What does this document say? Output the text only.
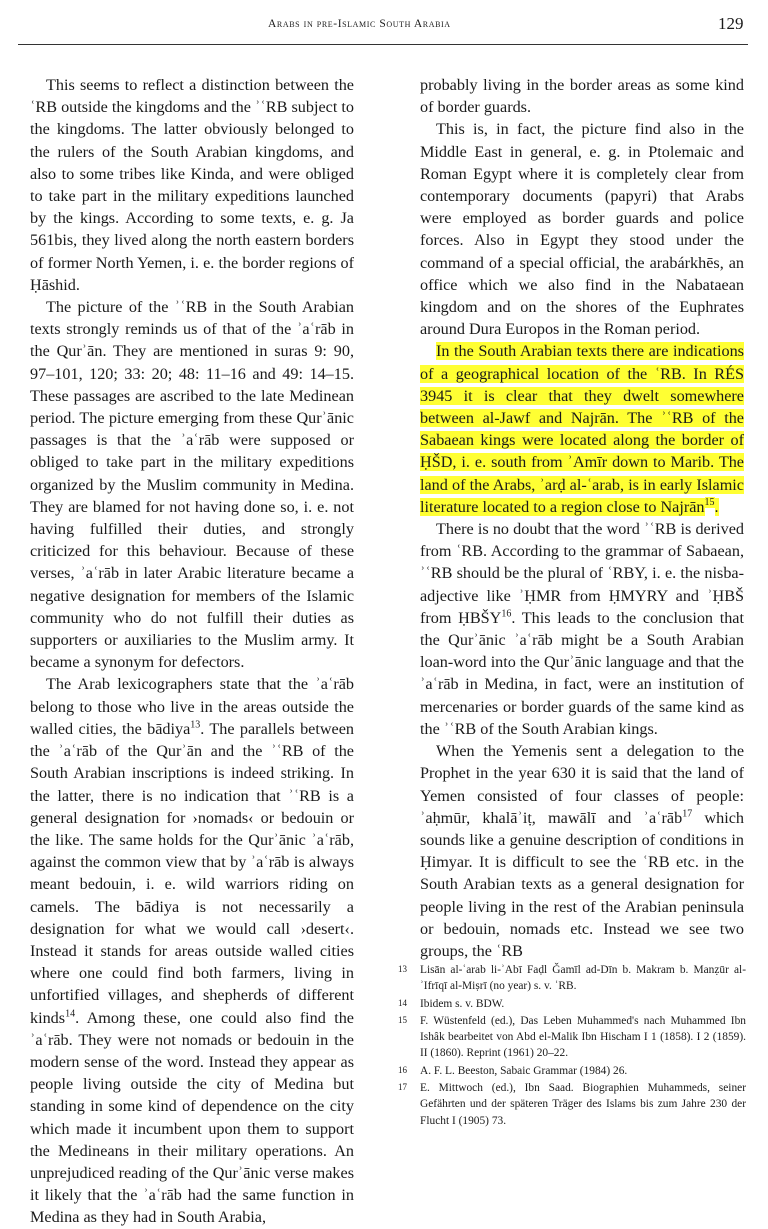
Arabs in pre-Islamic South Arabia	129

This seems to reflect a distinction between the ʿRB outside the kingdoms and the ʾʿRB subject to the kingdoms. The latter obviously belonged to the rulers of the South Arabian kingdoms, and also to some tribes like Kinda, and were obliged to take part in the military expeditions launched by the kings. According to some texts, e. g. Ja 561bis, they lived along the north eastern borders of former North Yemen, i. e. the border regions of Ḥāshid.

The picture of the ʾʿRB in the South Arabian texts strongly reminds us of that of the ʾaʿrāb in the Qurʾān. They are mentioned in suras 9: 90, 97–101, 120; 33: 20; 48: 11–16 and 49: 14–15. These passages are ascribed to the late Medinean period. The picture emerging from these Qurʾānic passages is that the ʾaʿrāb were supposed or obliged to take part in the military expeditions organized by the Muslim community in Medina. They are blamed for not having done so, i. e. not having fulfilled their duties, and strongly criticized for this behaviour. Because of these verses, ʾaʿrāb in later Arabic literature became a negative designation for members of the Islamic community who do not fulfill their duties as supporters or auxiliaries to the Muslim army. It became a synonym for defectors.

The Arab lexicographers state that the ʾaʿrāb belong to those who live in the areas outside the walled cities, the bādiya$^{13}$. The parallels between the ʾaʿrāb of the Qurʾān and the ʾʿRB of the South Arabian inscriptions is indeed striking. In the latter, there is no indication that ʾʿRB is a general designation for ›nomads‹ or bedouin or the like. The same holds for the Qurʾānic ʾaʿrāb, against the common view that by ʾaʿrāb is always meant bedouin, i. e. wild warriors riding on camels. The bādiya is not necessarily a designation for what we would call ›desert‹. Instead it stands for areas outside walled cities where one could find both farmers, living in unfortified villages, and shepherds of different kinds$^{14}$. Among these, one could also find the ʾaʿrāb. They were not nomads or bedouin in the modern sense of the word. Instead they appear as people living outside the city of Medina but standing in some kind of dependence on the city which made it incumbent upon them to support the Medineans in their military operations. An unprejudiced reading of the Qurʾānic verse makes it likely that the ʾaʿrāb had the same function in Medina as they had in South Arabia,

probably living in the border areas as some kind of border guards.

This is, in fact, the picture find also in the Middle East in general, e. g. in Ptolemaic and Roman Egypt where it is completely clear from contemporary documents (papyri) that Arabs were employed as border guards and police forces. Also in Egypt they stood under the command of a special official, the arabárkhēs, an office which we also find in the Nabataean kingdom and on the shores of the Euphrates around Dura Europos in the Roman period.

In the South Arabian texts there are indications of a geographical location of the ʿRB. In RÉS 3945 it is clear that they dwelt somewhere between al-Jawf and Najrān. The ʾʿRB of the Sabaean kings were located along the border of ḤŠD, i. e. south from ʾAmīr down to Marib. The land of the Arabs, ʾarḍ al-ʿarab, is in early Islamic literature located to a region close to Najrān$^{15}$.

There is no doubt that the word ʾʿRB is derived from ʿRB. According to the grammar of Sabaean, ʾʿRB should be the plural of ʿRBY, i. e. the nisba-adjective like ʾḤMR from ḤMYRY and ʾḤBŠ from ḤBŠY$^{16}$. This leads to the conclusion that the Qurʾānic ʾaʿrāb might be a South Arabian loan-word into the Qurʾānic language and that the ʾaʿrāb in Medina, in fact, were an institution of mercenaries or border guards of the same kind as the ʾʿRB of the South Arabian kings.

When the Yemenis sent a delegation to the Prophet in the year 630 it is said that the land of Yemen consisted of four classes of people: ʾaḥmūr, khalāʾiṭ, mawālī and ʾaʿrāb$^{17}$ which sounds like a genuine description of conditions in Ḥimyar. It is difficult to see the ʿRB etc. in the South Arabian texts as a general designation for people living in the rest of the Arabian peninsula or bedouin, nomads etc. Instead we see two groups, the ʿRB

13 Lisān al-ʿarab li-ʾAbī Faḍl Ǧamīl ad-Dīn b. Makram b. Manẓūr al-ʾIfrīqī al-Miṣrī (no year) s. v. ʿRB.
14 Ibidem s. v. BDW.
15 F. Wüstenfeld (ed.), Das Leben Muhammed's nach Muhammed Ibn Ishâk bearbeitet von Abd el-Malik Ibn Hischam I 1 (1858). I 2 (1859). II (1860). Reprint (1961) 20–22.
16 A. F. L. Beeston, Sabaic Grammar (1984) 26.
17 E. Mittwoch (ed.), Ibn Saad. Biographien Muhammeds, seiner Gefährten und der späteren Träger des Islams bis zum Jahre 230 der Flucht I (1905) 73.
